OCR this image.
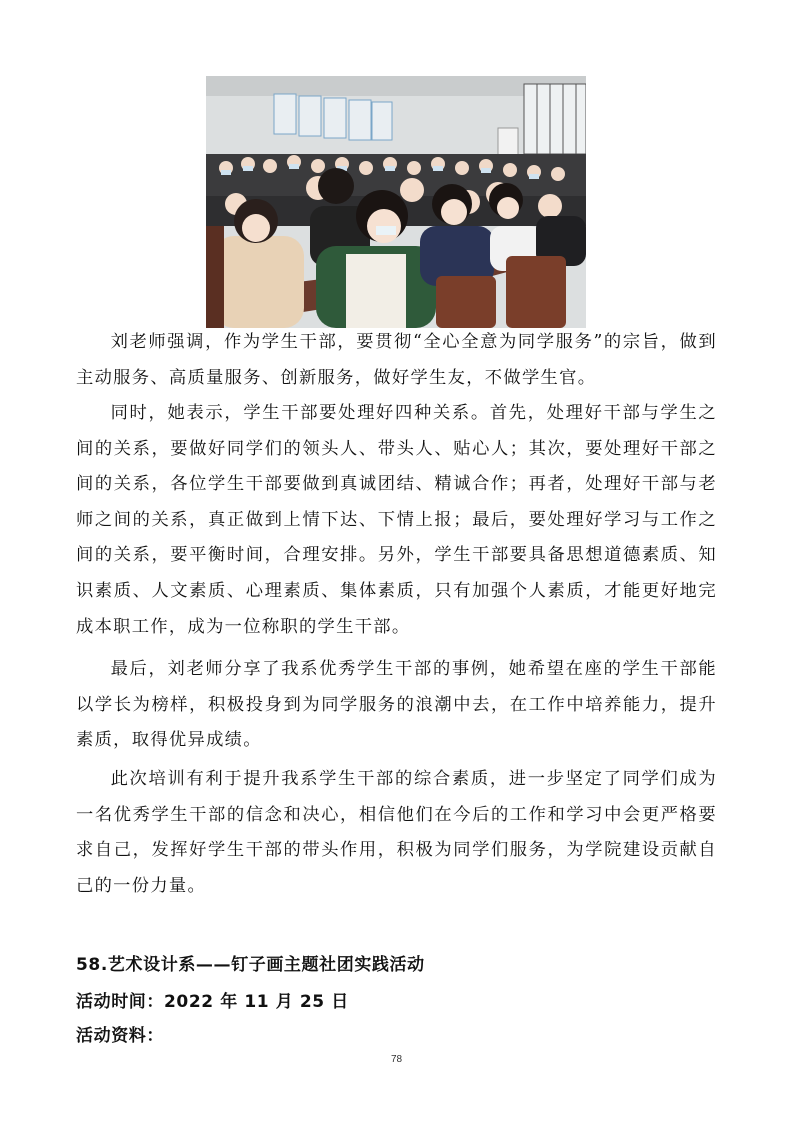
刘老师强调，作为学生干部，要贯彻“全心全意为同学服务”的宗旨，做到主动服务、高质量服务、创新服务，做好学生友，不做学生官。

同时，她表示，学生干部要处理好四种关系。首先，处理好干部与学生之间的关系，要做好同学们的领头人、带头人、贴心人；其次，要处理好干部之间的关系，各位学生干部要做到真诚团结、精诚合作；再者，处理好干部与老师之间的关系，真正做到上情下达、下情上报；最后，要处理好学习与工作之间的关系，要平衡时间，合理安排。另外，学生干部要具备思想道德素质、知识素质、人文素质、心理素质、集体素质，只有加强个人素质，才能更好地完成本职工作，成为一位称职的学生干部。

最后，刘老师分享了我系优秀学生干部的事例，她希望在座的学生干部能以学长为榜样，积极投身到为同学服务的浪潮中去，在工作中培养能力，提升素质，取得优异成绩。

此次培训有利于提升我系学生干部的综合素质，进一步坚定了同学们成为一名优秀学生干部的信念和决心，相信他们在今后的工作和学习中会更严格要求自己，发挥好学生干部的带头作用，积极为同学们服务，为学院建设贡献自己的一份力量。

58.艺术设计系——钉子画主题社团实践活动

活动时间：2022 年 11 月 25 日

活动资料：

78
